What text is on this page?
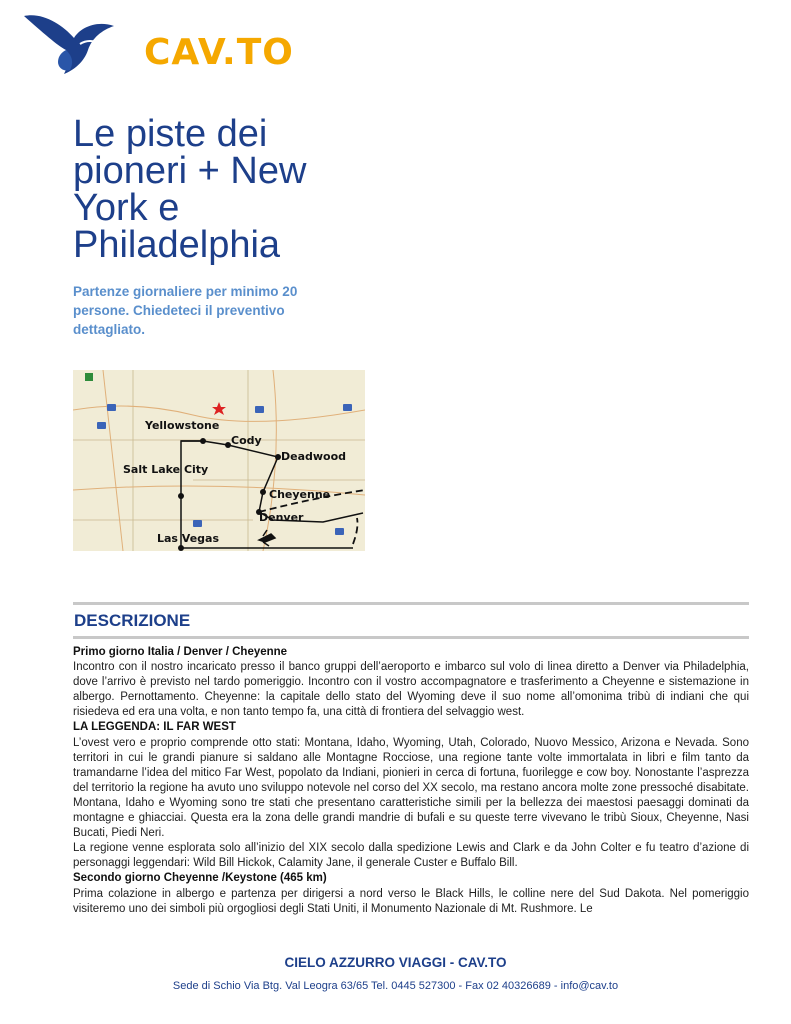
CAV.TO
Le piste dei pioneri + New York e Philadelphia

Partenze giornaliere per minimo 20 persone. Chiedeteci il preventivo dettagliato.

Yellowstone
Cody
Deadwood
Salt Lake City
Cheyenne
Denver
Las Vegas
DESCRIZIONE

Primo giorno Italia / Denver / Cheyenne

Incontro con il nostro incaricato presso il banco gruppi dell’aeroporto e imbarco sul volo di linea diretto a Denver via Philadelphia, dove l’arrivo è previsto nel tardo pomeriggio. Incontro con il vostro accompagnatore e trasferimento a Cheyenne e sistemazione in albergo. Pernottamento. Cheyenne: la capitale dello stato del Wyoming deve il suo nome all’omonima tribù di indiani che qui risiedeva ed era una volta, e non tanto tempo fa, una città di frontiera del selvaggio west.

LA LEGGENDA: IL FAR WEST

L’ovest vero e proprio comprende otto stati: Montana, Idaho, Wyoming, Utah, Colorado, Nuovo Messico, Arizona e Nevada. Sono territori in cui le grandi pianure si saldano alle Montagne Rocciose, una regione tante volte immortalata in libri e film tanto da tramandarne l’idea del mitico Far West, popolato da Indiani, pionieri in cerca di fortuna, fuorilegge e cow boy. Nonostante l’asprezza del territorio la regione ha avuto uno sviluppo notevole nel corso del XX secolo, ma restano ancora molte zone pressoché disabitate. Montana, Idaho e Wyoming sono tre stati che presentano caratteristiche simili per la bellezza dei maestosi paesaggi dominati da montagne e ghiacciai. Questa era la zona delle grandi mandrie di bufali e su queste terre vivevano le tribù Sioux, Cheyenne, Nasi Bucati, Piedi Neri.

La regione venne esplorata solo all’inizio del XIX secolo dalla spedizione Lewis and Clark e da John Colter e fu teatro d’azione di personaggi leggendari: Wild Bill Hickok, Calamity Jane, il generale Custer e Buffalo Bill.

Secondo giorno Cheyenne /Keystone (465 km)

Prima colazione in albergo e partenza per dirigersi a nord verso le Black Hills, le colline nere del Sud Dakota. Nel pomeriggio visiteremo uno dei simboli più orgogliosi degli Stati Uniti, il Monumento Nazionale di Mt. Rushmore. Le

CIELO AZZURRO VIAGGI - CAV.TO
Sede di Schio Via Btg. Val Leogra 63/65 Tel. 0445 527300 - Fax 02 40326689 - info@cav.to
